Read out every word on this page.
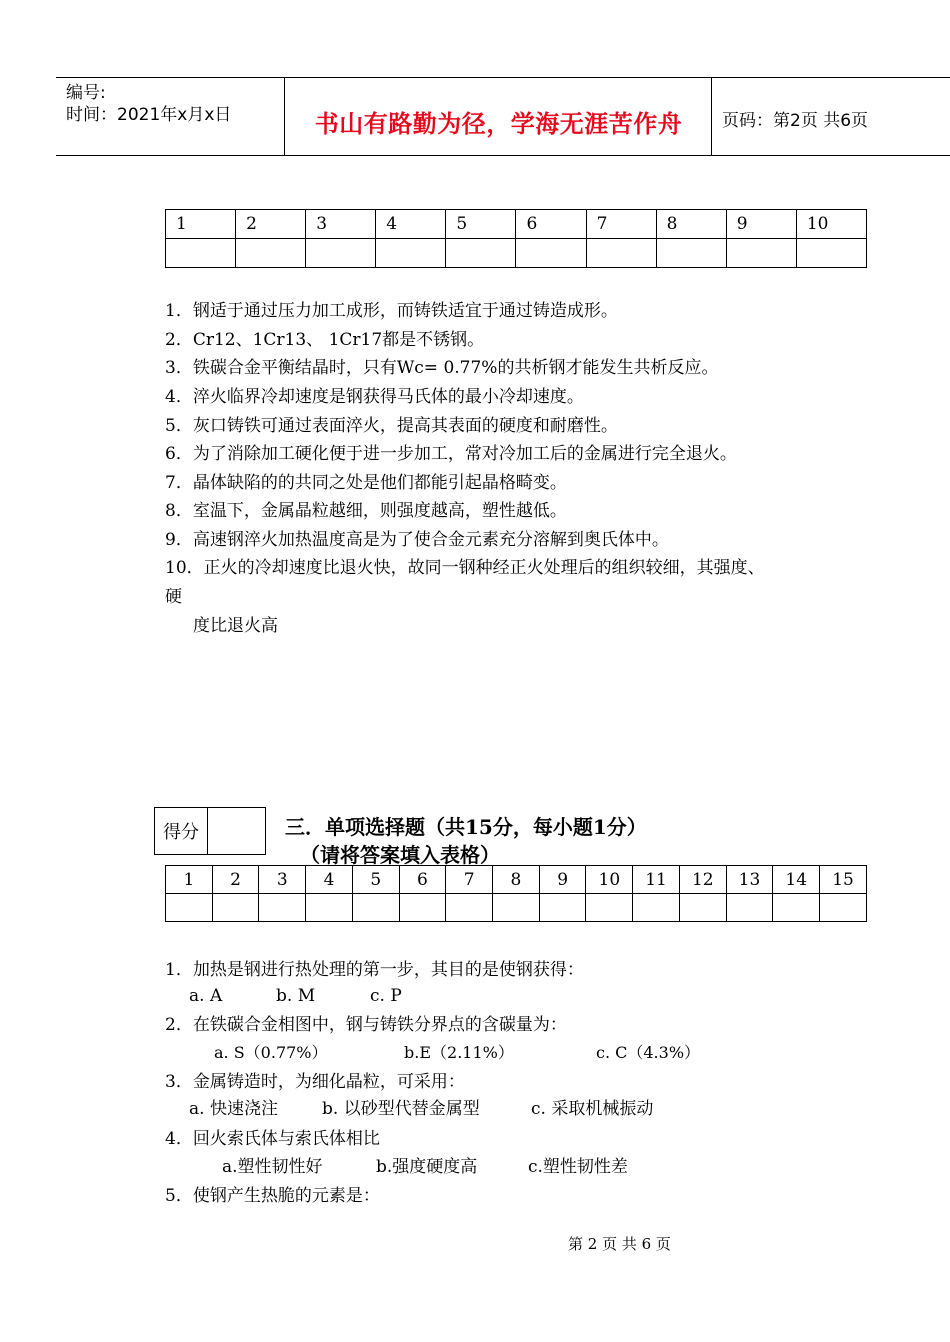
编号:
时间：2021年x月x日	书山有路勤为径，学海无涯苦作舟	页码：第2页 共6页
1	2	3	4	5	6	7	8	9	10

1．钢适于通过压力加工成形，而铸铁适宜于通过铸造成形。
2．Cr12、1Cr13、 1Cr17都是不锈钢。
3．铁碳合金平衡结晶时，只有Wc= 0.77%的共析钢才能发生共析反应。
4．淬火临界冷却速度是钢获得马氏体的最小冷却速度。
5．灰口铸铁可通过表面淬火，提高其表面的硬度和耐磨性。
6．为了消除加工硬化便于进一步加工，常对冷加工后的金属进行完全退火。
7．晶体缺陷的的共同之处是他们都能引起晶格畸变。
8．室温下，金属晶粒越细，则强度越高，塑性越低。
9．高速钢淬火加热温度高是为了使合金元素充分溶解到奥氏体中。
10．正火的冷却速度比退火快，故同一钢种经正火处理后的组织较细，其强度、
硬
度比退火高
得分		三．单项选择题（共15分，每小题1分）
（请将答案填入表格）
1	2	3	4	5	6	7	8	9	10	11	12	13	14	15

1．加热是钢进行热处理的第一步，其目的是使钢获得：
a. A	b. M	c. P
2．在铁碳合金相图中，钢与铸铁分界点的含碳量为：
a. S（0.77%）	b.E（2.11%）	c. C（4.3%）
3．金属铸造时，为细化晶粒，可采用：
a. 快速浇注	b. 以砂型代替金属型	c. 采取机械振动
4．回火索氏体与索氏体相比
a.塑性韧性好	b.强度硬度高	c.塑性韧性差
5．使钢产生热脆的元素是：
第 2 页 共 6 页
